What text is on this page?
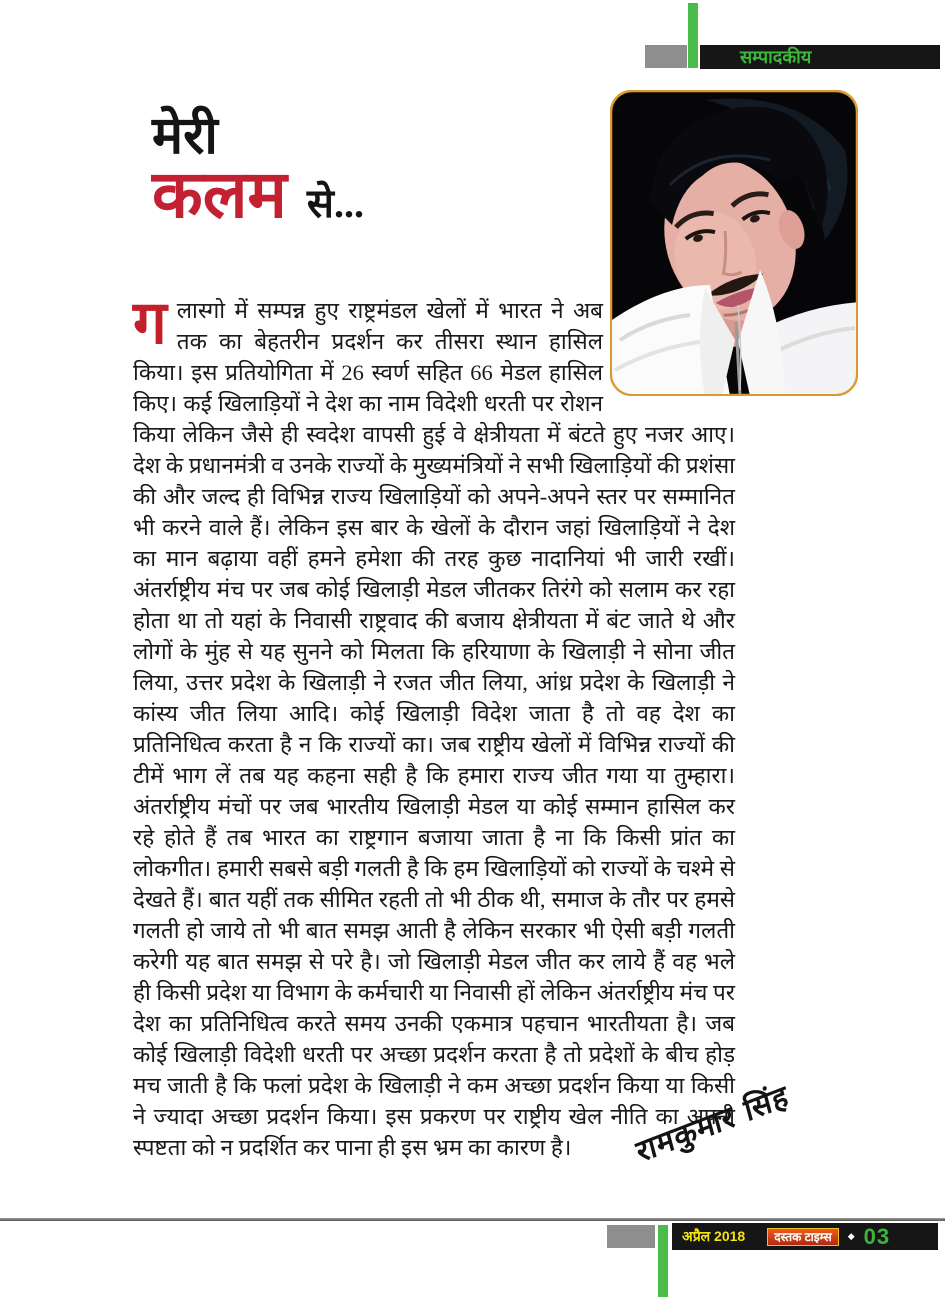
सम्पादकीय
मेरी
कलम से...
ग लास्गो में सम्पन्न हुए राष्ट्रमंडल खेलों में भारत ने अब तक का बेहतरीन प्रदर्शन कर तीसरा स्थान हासिल किया। इस प्रतियोगिता में 26 स्वर्ण सहित 66 मेडल हासिल किए। कई खिलाड़ियों ने देश का नाम विदेशी धरती पर रोशन किया लेकिन जैसे ही स्वदेश वापसी हुई वे क्षेत्रीयता में बंटते हुए नजर आए। देश के प्रधानमंत्री व उनके राज्यों के मुख्यमंत्रियों ने सभी खिलाड़ियों की प्रशंसा की और जल्द ही विभिन्न राज्य खिलाड़ियों को अपने-अपने स्तर पर सम्मानित भी करने वाले हैं। लेकिन इस बार के खेलों के दौरान जहां खिलाड़ियों ने देश का मान बढ़ाया वहीं हमने हमेशा की तरह कुछ नादानियां भी जारी रखीं। अंतर्राष्ट्रीय मंच पर जब कोई खिलाड़ी मेडल जीतकर तिरंगे को सलाम कर रहा होता था तो यहां के निवासी राष्ट्रवाद की बजाय क्षेत्रीयता में बंट जाते थे और लोगों के मुंह से यह सुनने को मिलता कि हरियाणा के खिलाड़ी ने सोना जीत लिया, उत्तर प्रदेश के खिलाड़ी ने रजत जीत लिया, आंध्र प्रदेश के खिलाड़ी ने कांस्य जीत लिया आदि। कोई खिलाड़ी विदेश जाता है तो वह देश का प्रतिनिधित्व करता है न कि राज्यों का। जब राष्ट्रीय खेलों में विभिन्न राज्यों की टीमें भाग लें तब यह कहना सही है कि हमारा राज्य जीत गया या तुम्हारा। अंतर्राष्ट्रीय मंचों पर जब भारतीय खिलाड़ी मेडल या कोई सम्मान हासिल कर रहे होते हैं तब भारत का राष्ट्रगान बजाया जाता है ना कि किसी प्रांत का लोकगीत। हमारी सबसे बड़ी गलती है कि हम खिलाड़ियों को राज्यों के चश्मे से देखते हैं। बात यहीं तक सीमित रहती तो भी ठीक थी, समाज के तौर पर हमसे गलती हो जाये तो भी बात समझ आती है लेकिन सरकार भी ऐसी बड़ी गलती करेगी यह बात समझ से परे है। जो खिलाड़ी मेडल जीत कर लाये हैं वह भले ही किसी प्रदेश या विभाग के कर्मचारी या निवासी हों लेकिन अंतर्राष्ट्रीय मंच पर देश का प्रतिनिधित्व करते समय उनकी एकमात्र पहचान भारतीयता है। जब कोई खिलाड़ी विदेशी धरती पर अच्छा प्रदर्शन करता है तो प्रदेशों के बीच होड़ मच जाती है कि फलां प्रदेश के खिलाड़ी ने कम अच्छा प्रदर्शन किया या किसी ने ज्यादा अच्छा प्रदर्शन किया। इस प्रकरण पर राष्ट्रीय खेल नीति का अपनी स्पष्टता को न प्रदर्शित कर पाना ही इस भ्रम का कारण है।	रामकुमार सिंह
अप्रैल 2018	दस्तक टाइम्स	◆ 03
